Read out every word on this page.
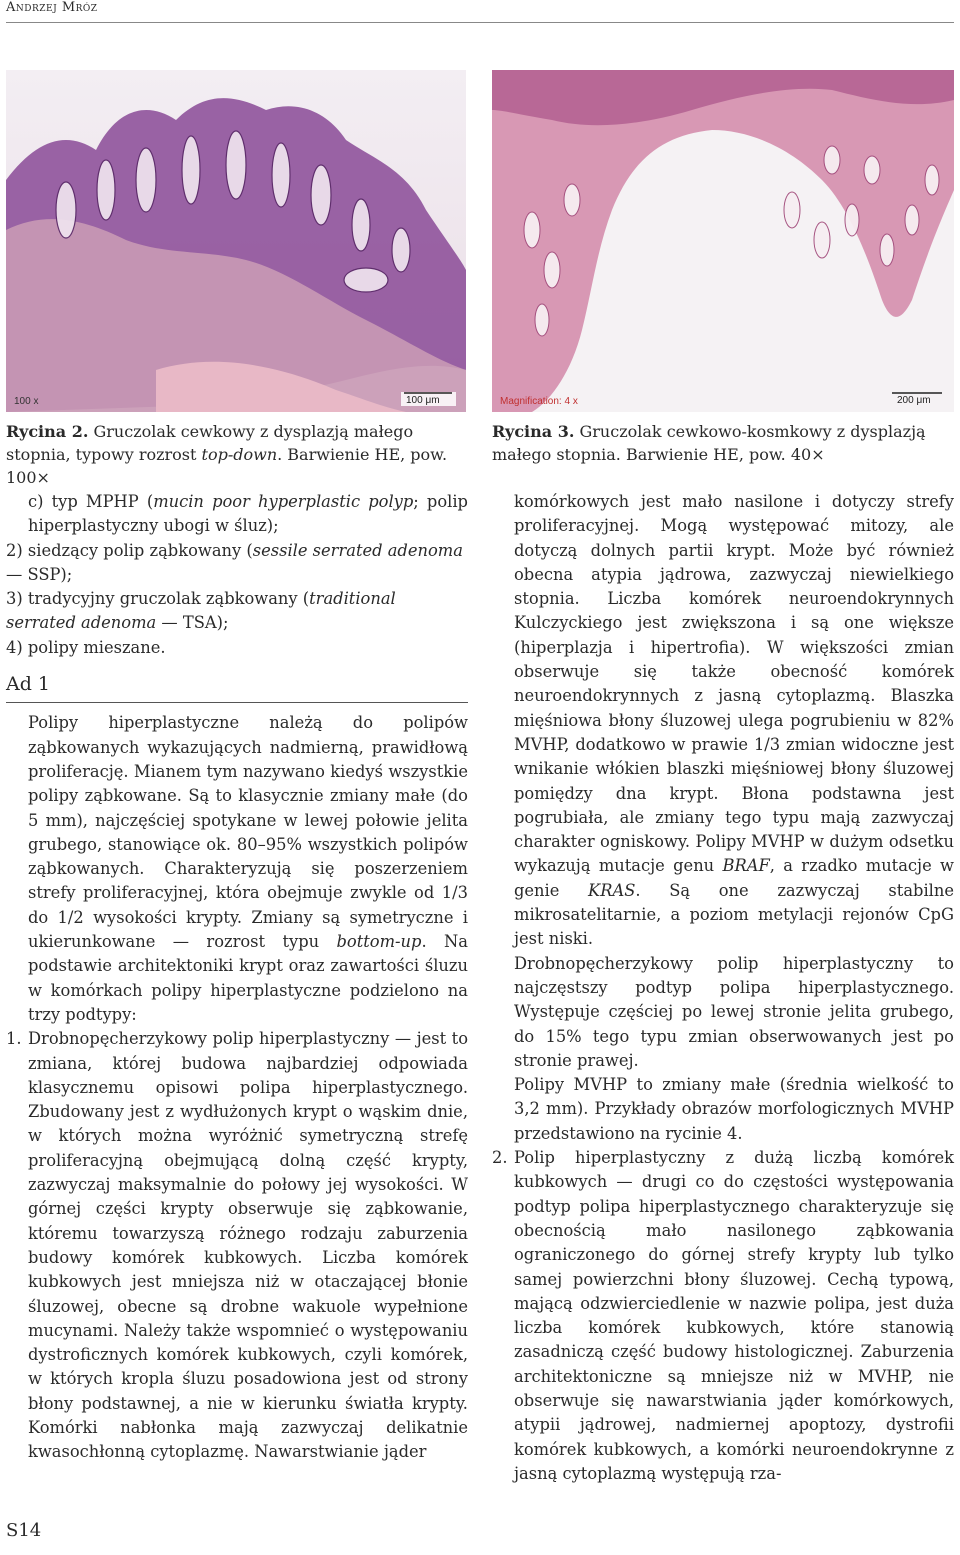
Andrzej Mróz
100 x	100 μm	Magnification: 4 x	200 μm
Rycina 2. Gruczolak cewkowy z dysplazją małego stopnia, typowy rozrost top-down. Barwienie HE, pow. 100×
Rycina 3. Gruczolak cewkowo-kosmkowy z dysplazją małego stopnia. Barwienie HE, pow. 40×

c) typ MPHP (mucin poor hyperplastic polyp; polip hiperplastyczny ubogi w śluz);

2) siedzący polip ząbkowany (sessile serrated adenoma — SSP);

3) tradycyjny gruczolak ząbkowany (traditional serrated adenoma — TSA);

4) polipy mieszane.

Ad 1

Polipy hiperplastyczne należą do polipów ząbkowanych wykazujących nadmierną, prawidłową proliferację. Mianem tym nazywano kiedyś wszystkie polipy ząbkowane. Są to klasycznie zmiany małe (do 5 mm), najczęściej spotykane w lewej połowie jelita grubego, stanowiące ok. 80–95% wszystkich polipów ząbkowanych. Charakteryzują się poszerzeniem strefy proliferacyjnej, która obejmuje zwykle od 1/3 do 1/2 wysokości krypty. Zmiany są symetryczne i ukierunkowane — rozrost typu bottom-up. Na podstawie architektoniki krypt oraz zawartości śluzu w komórkach polipy hiperplastyczne podzielono na trzy podtypy:

1. Drobnopęcherzykowy polip hiperplastyczny — jest to zmiana, której budowa najbardziej odpowiada klasycznemu opisowi polipa hiperplastycznego. Zbudowany jest z wydłużonych krypt o wąskim dnie, w których można wyróżnić symetryczną strefę proliferacyjną obejmującą dolną część krypty, zazwyczaj maksymalnie do połowy jej wysokości. W górnej części krypty obserwuje się ząbkowanie, któremu towarzyszą różnego rodzaju zaburzenia budowy komórek kubkowych. Liczba komórek kubkowych jest mniejsza niż w otaczającej błonie śluzowej, obecne są drobne wakuole wypełnione mucynami. Należy także wspomnieć o występowaniu dystroficznych komórek kubkowych, czyli komórek, w których kropla śluzu posadowiona jest od strony błony podstawnej, a nie w kierunku światła krypty. Komórki nabłonka mają zazwyczaj delikatnie kwasochłonną cytoplazmę. Nawarstwianie jąder

komórkowych jest mało nasilone i dotyczy strefy proliferacyjnej. Mogą występować mitozy, ale dotyczą dolnych partii krypt. Może być również obecna atypia jądrowa, zazwyczaj niewielkiego stopnia. Liczba komórek neuroendokrynnych Kulczyckiego jest zwiększona i są one większe (hiperplazja i hipertrofia). W większości zmian obserwuje się także obecność komórek neuroendokrynnych z jasną cytoplazmą. Blaszka mięśniowa błony śluzowej ulega pogrubieniu w 82% MVHP, dodatkowo w prawie 1/3 zmian widoczne jest wnikanie włókien blaszki mięśniowej błony śluzowej pomiędzy dna krypt. Błona podstawna jest pogrubiała, ale zmiany tego typu mają zazwyczaj charakter ogniskowy. Polipy MVHP w dużym odsetku wykazują mutacje genu BRAF, a rzadko mutacje w genie KRAS. Są one zazwyczaj stabilne mikrosatelitarnie, a poziom metylacji rejonów CpG jest niski.

Drobnopęcherzykowy polip hiperplastyczny to najczęstszy podtyp polipa hiperplastycznego. Występuje częściej po lewej stronie jelita grubego, do 15% tego typu zmian obserwowanych jest po stronie prawej.

Polipy MVHP to zmiany małe (średnia wielkość to 3,2 mm). Przykłady obrazów morfologicznych MVHP przedstawiono na rycinie 4.

2. Polip hiperplastyczny z dużą liczbą komórek kubkowych — drugi co do częstości występowania podtyp polipa hiperplastycznego charakteryzuje się obecnością mało nasilonego ząbkowania ograniczonego do górnej strefy krypty lub tylko samej powierzchni błony śluzowej. Cechą typową, mającą odzwierciedlenie w nazwie polipa, jest duża liczba komórek kubkowych, które stanowią zasadniczą część budowy histologicznej. Zaburzenia architektoniczne są mniejsze niż w MVHP, nie obserwuje się nawarstwiania jąder komórkowych, atypii jądrowej, nadmiernej apoptozy, dystrofii komórek kubkowych, a komórki neuroendokrynne z jasną cytoplazmą występują rza-
S14
